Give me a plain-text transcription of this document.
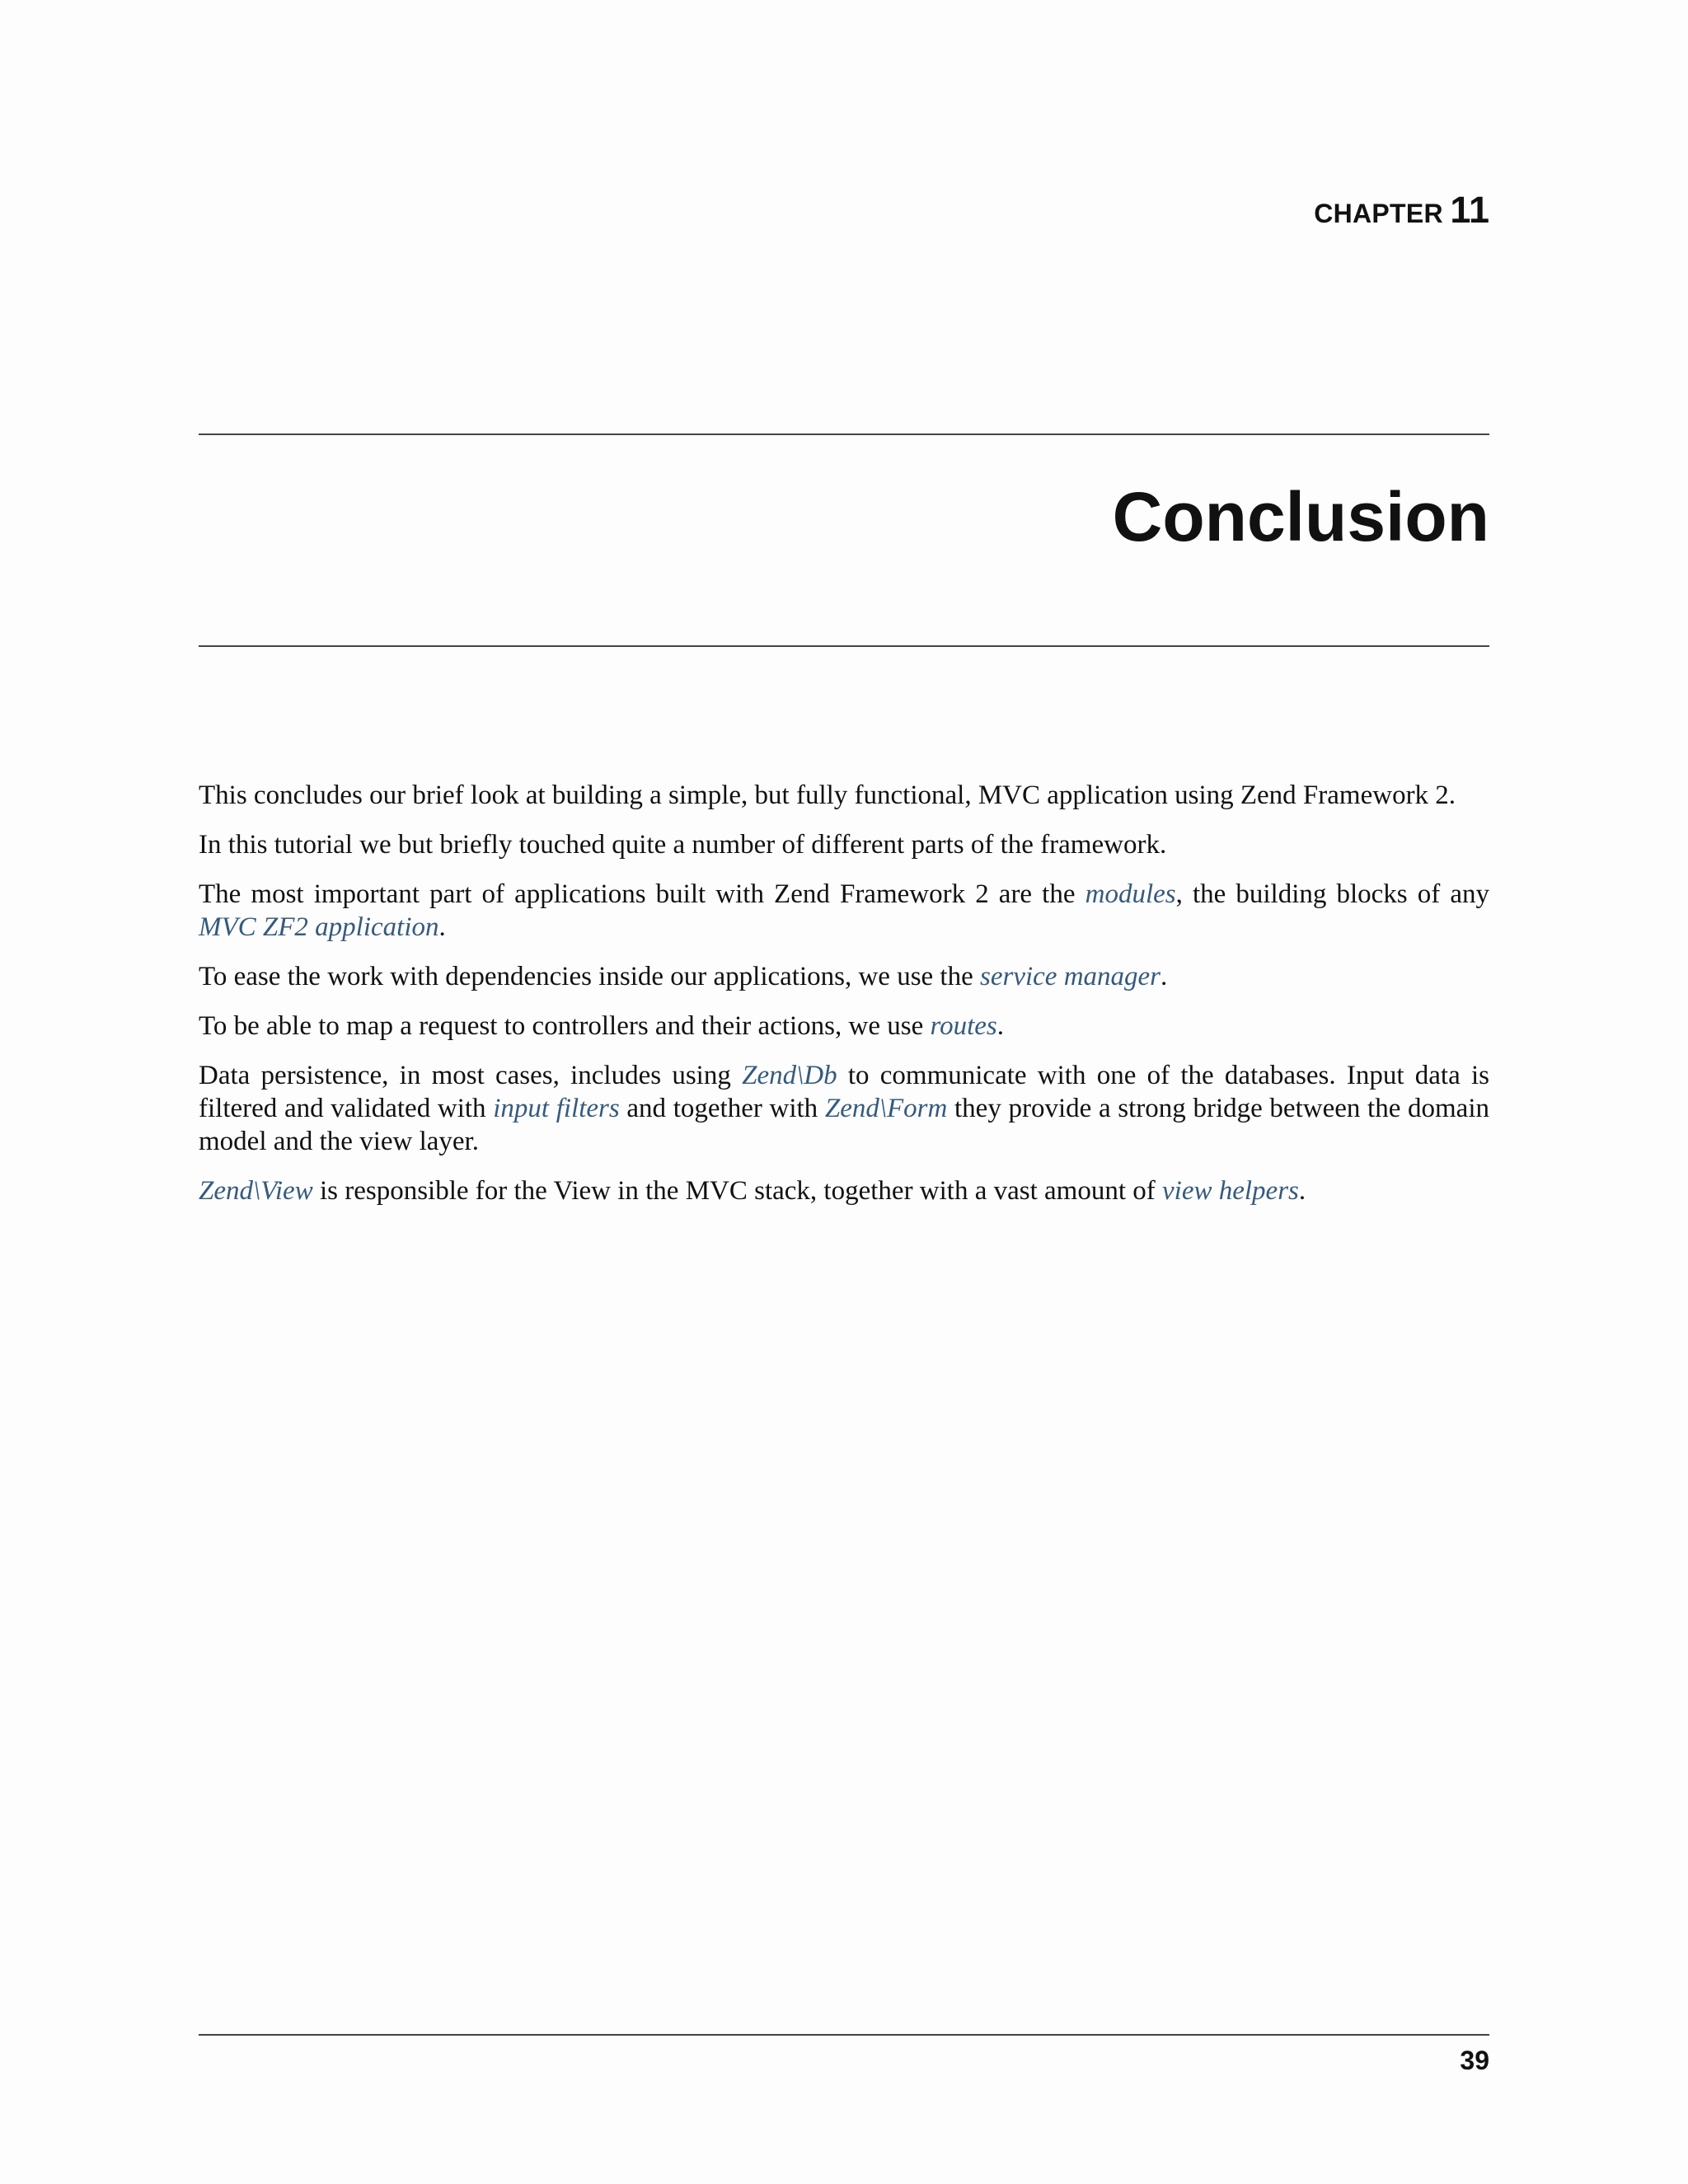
CHAPTER 11
Conclusion

This concludes our brief look at building a simple, but fully functional, MVC application using Zend Framework 2.

In this tutorial we but briefly touched quite a number of different parts of the framework.

The most important part of applications built with Zend Framework 2 are the modules, the building blocks of any MVC ZF2 application.

To ease the work with dependencies inside our applications, we use the service manager.

To be able to map a request to controllers and their actions, we use routes.

Data persistence, in most cases, includes using Zend\Db to communicate with one of the databases. Input data is filtered and validated with input filters and together with Zend\Form they provide a strong bridge between the domain model and the view layer.

Zend\View is responsible for the View in the MVC stack, together with a vast amount of view helpers.

39
